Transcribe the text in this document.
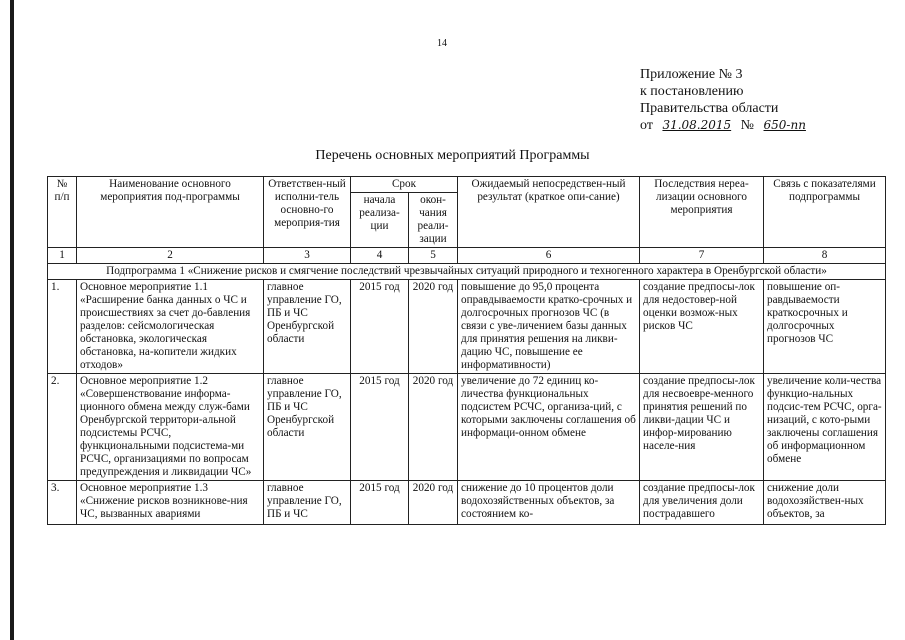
14
Приложение № 3
к постановлению
Правительства области
от 31.08.2015 № 650-пп
Перечень основных мероприятий Программы
№ п/п	Наименование основного мероприятия под-программы	Ответствен-ный исполни-тель основно-го мероприя-тия	Срок		Ожидаемый непосредствен-ный результат (краткое опи-сание)	Последствия нереа-лизации основного мероприятия	Связь с показателями подпрограммы
			начала реализа-ции	окон-чания реали-зации			
1	2	3	4	5	6	7	8
Подпрограмма 1 «Снижение рисков и смягчение последствий чрезвычайных ситуаций природного и техногенного характера в Оренбургской области»							
1.	Основное мероприятие 1.1 «Расширение банка данных о ЧС и происшествиях за счет до-бавления разделов: сейсмологическая обстановка, экологическая обстановка, на-копители жидких отходов»	главное управление ГО, ПБ и ЧС Оренбургской области	2015 год	2020 год	повышение до 95,0 процента оправдываемости кратко-срочных и долгосрочных прогнозов ЧС (в связи с уве-личением базы данных для принятия решения на ликви-дацию ЧС, повышение ее информативности)	создание предпосы-лок для недостовер-ной оценки возмож-ных рисков ЧС	повышение оп-равдываемости краткосрочных и долгосрочных прогнозов ЧС
2.	Основное мероприятие 1.2 «Совершенствование информа-ционного обмена между служ-бами Оренбургской территори-альной подсистемы РСЧС, функциональными подсистема-ми РСЧС, организациями по вопросам предупреждения и ликвидации ЧС»	главное управление ГО, ПБ и ЧС Оренбургской области	2015 год	2020 год	увеличение до 72 единиц ко-личества функциональных подсистем РСЧС, организа-ций, с которыми заключены соглашения об информаци-онном обмене	создание предпосы-лок для несвоевре-менного принятия решений по ликви-дации ЧС и инфор-мированию населе-ния	увеличение коли-чества функцио-нальных подсис-тем РСЧС, орга-низаций, с кото-рыми заключены соглашения об информационном обмене
3.	Основное мероприятие 1.3 «Снижение рисков возникнове-ния ЧС, вызванных авариями	главное управление ГО, ПБ и ЧС	2015 год	2020 год	снижение до 10 процентов доли водохозяйственных объектов, за состоянием ко-	создание предпосы-лок для увеличения доли пострадавшего	снижение доли водохозяйствен-ных объектов, за
